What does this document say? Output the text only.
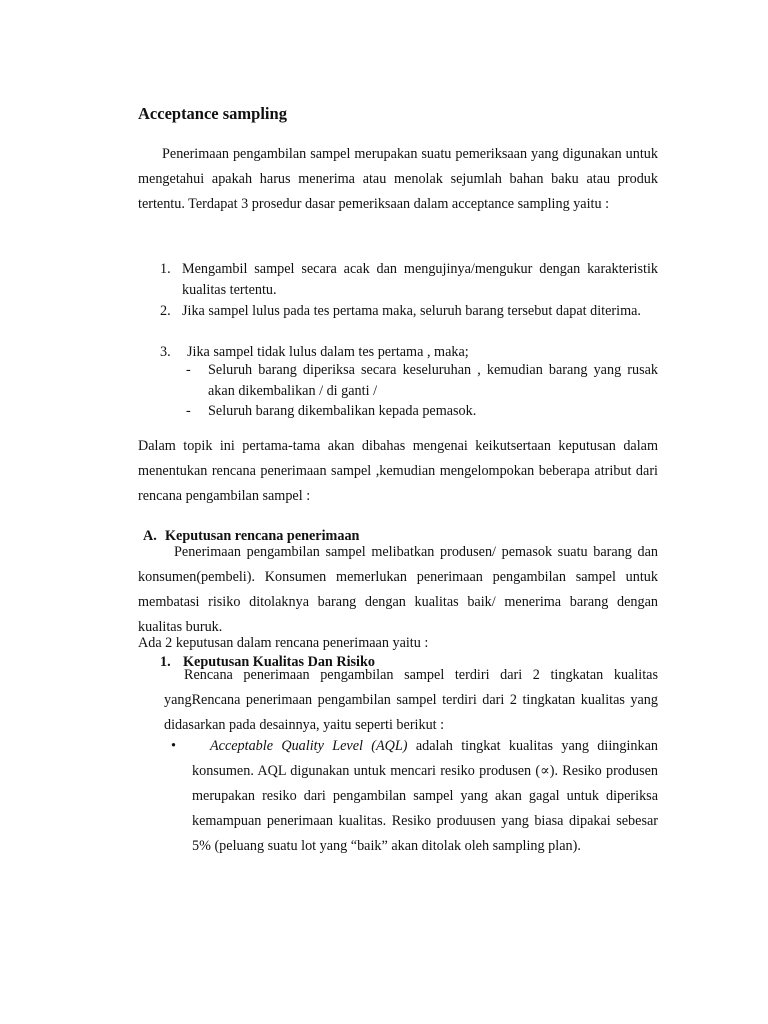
Acceptance sampling

Penerimaan pengambilan sampel merupakan suatu pemeriksaan yang digunakan untuk mengetahui apakah harus menerima atau menolak sejumlah bahan baku atau produk tertentu. Terdapat 3 prosedur dasar pemeriksaan dalam acceptance sampling yaitu :

1. Mengambil sampel secara acak dan mengujinya/mengukur dengan karakteristik kualitas tertentu.

2. Jika sampel lulus pada tes pertama maka, seluruh barang tersebut dapat diterima.

3. Jika sampel tidak lulus dalam tes pertama , maka;

- Seluruh barang diperiksa secara keseluruhan , kemudian barang yang rusak akan dikembalikan / di ganti /

- Seluruh barang dikembalikan kepada pemasok.

Dalam topik ini pertama-tama akan dibahas mengenai keikutsertaan keputusan dalam menentukan rencana penerimaan sampel ,kemudian mengelompokan beberapa atribut dari rencana pengambilan sampel :

A. Keputusan rencana penerimaan

Penerimaan pengambilan sampel melibatkan produsen/ pemasok suatu barang dan konsumen(pembeli). Konsumen memerlukan penerimaan pengambilan sampel untuk membatasi risiko ditolaknya barang dengan kualitas baik/ menerima barang dengan kualitas buruk.

Ada 2 keputusan dalam rencana penerimaan yaitu :

1. Keputusan Kualitas Dan Risiko

Rencana penerimaan pengambilan sampel terdiri dari 2 tingkatan kualitas yangRencana penerimaan pengambilan sampel terdiri dari 2 tingkatan kualitas yang didasarkan pada desainnya, yaitu seperti berikut :

•	Acceptable Quality Level (AQL) adalah tingkat kualitas yang diinginkan konsumen. AQL digunakan untuk mencari resiko produsen (∝). Resiko produsen merupakan resiko dari pengambilan sampel yang akan gagal untuk diperiksa kemampuan penerimaan kualitas. Resiko produusen yang biasa dipakai sebesar 5% (peluang suatu lot yang “baik” akan ditolak oleh sampling plan).
